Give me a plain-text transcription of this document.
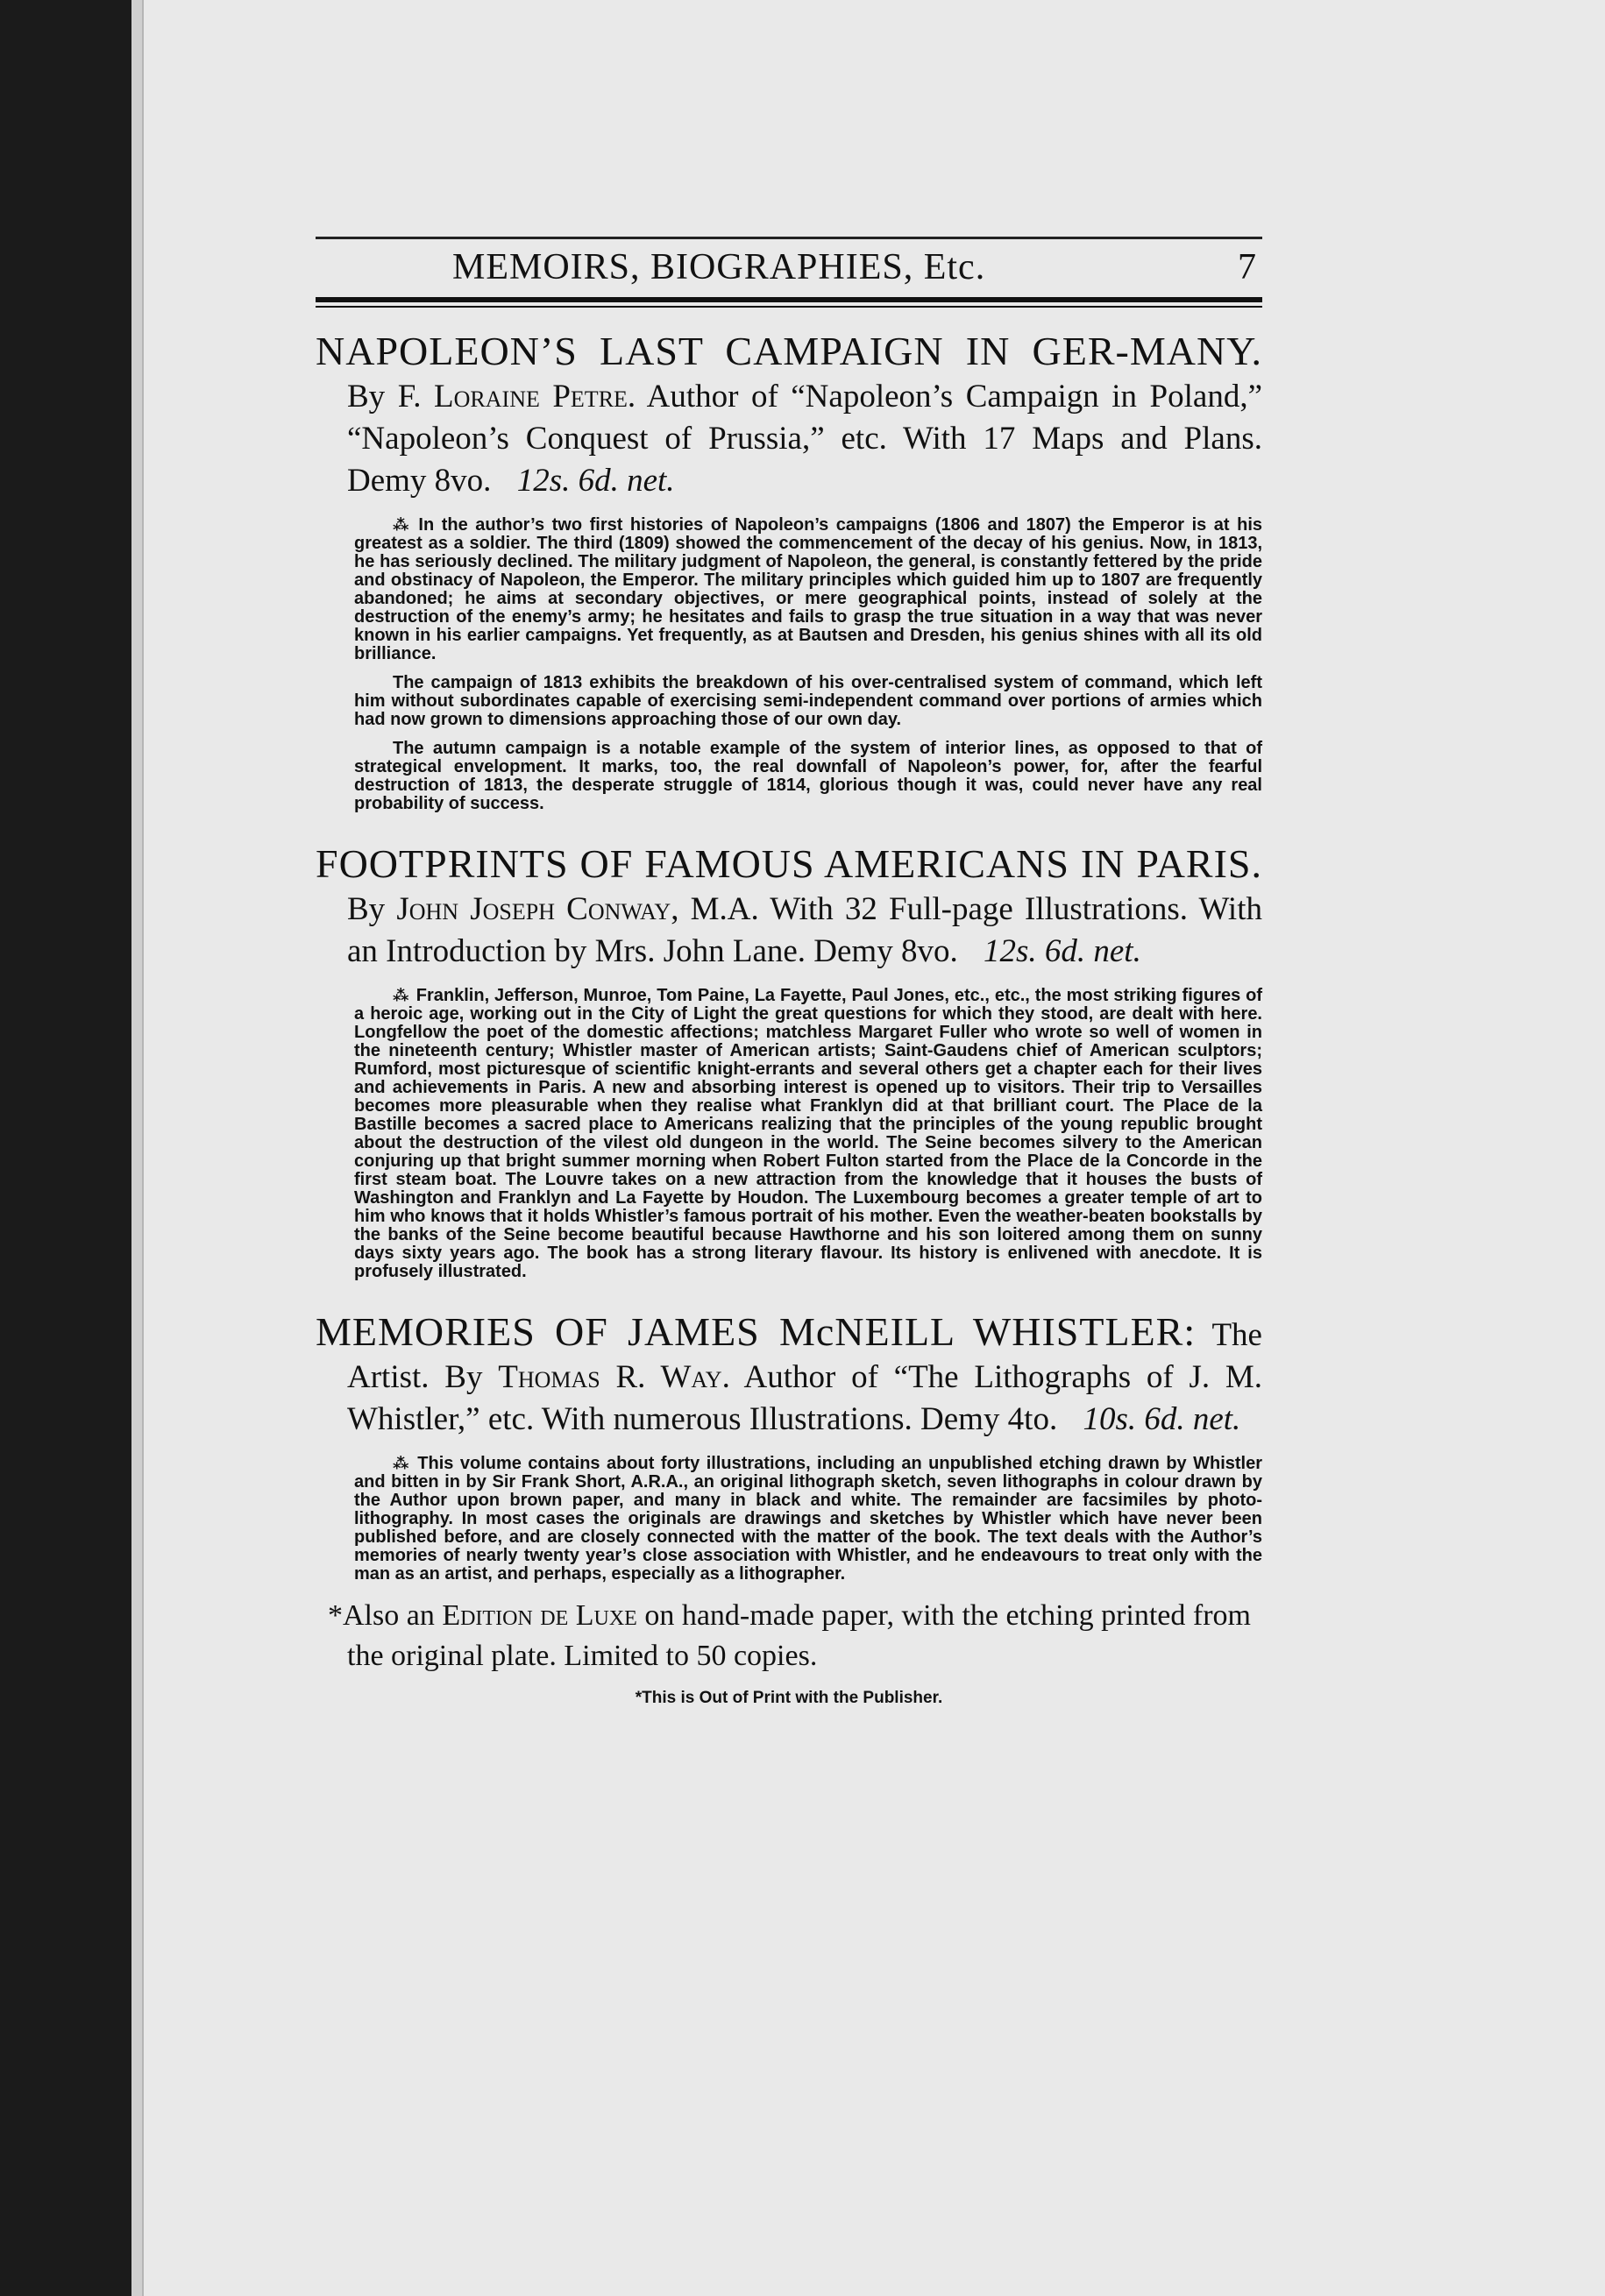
MEMOIRS, BIOGRAPHIES, Etc.	7
NAPOLEON’S LAST CAMPAIGN IN GER-MANY. By F. Loraine Petre. Author of “Napoleon’s Campaign in Poland,” “Napoleon’s Conquest of Prussia,” etc. With 17 Maps and Plans. Demy 8vo. 12s. 6d. net.

⁂ In the author’s two first histories of Napoleon’s campaigns (1806 and 1807) the Emperor is at his greatest as a soldier. The third (1809) showed the commencement of the decay of his genius. Now, in 1813, he has seriously declined. The military judgment of Napoleon, the general, is constantly fettered by the pride and obstinacy of Napoleon, the Emperor. The military principles which guided him up to 1807 are frequently abandoned; he aims at secondary objectives, or mere geographical points, instead of solely at the destruction of the enemy’s army; he hesitates and fails to grasp the true situation in a way that was never known in his earlier campaigns. Yet frequently, as at Bautsen and Dresden, his genius shines with all its old brilliance.

The campaign of 1813 exhibits the breakdown of his over-centralised system of command, which left him without subordinates capable of exercising semi-independent command over portions of armies which had now grown to dimensions approaching those of our own day.

The autumn campaign is a notable example of the system of interior lines, as opposed to that of strategical envelopment. It marks, too, the real downfall of Napoleon’s power, for, after the fearful destruction of 1813, the desperate struggle of 1814, glorious though it was, could never have any real probability of success.

FOOTPRINTS OF FAMOUS AMERICANS IN PARIS. By John Joseph Conway, M.A. With 32 Full-page Illustrations. With an Introduction by Mrs. John Lane. Demy 8vo. 12s. 6d. net.

⁂ Franklin, Jefferson, Munroe, Tom Paine, La Fayette, Paul Jones, etc., etc., the most striking figures of a heroic age, working out in the City of Light the great questions for which they stood, are dealt with here. Longfellow the poet of the domestic affections; matchless Margaret Fuller who wrote so well of women in the nineteenth century; Whistler master of American artists; Saint-Gaudens chief of American sculptors; Rumford, most picturesque of scientific knight-errants and several others get a chapter each for their lives and achievements in Paris. A new and absorbing interest is opened up to visitors. Their trip to Versailles becomes more pleasurable when they realise what Franklyn did at that brilliant court. The Place de la Bastille becomes a sacred place to Americans realizing that the principles of the young republic brought about the destruction of the vilest old dungeon in the world. The Seine becomes silvery to the American conjuring up that bright summer morning when Robert Fulton started from the Place de la Concorde in the first steam boat. The Louvre takes on a new attraction from the knowledge that it houses the busts of Washington and Franklyn and La Fayette by Houdon. The Luxembourg becomes a greater temple of art to him who knows that it holds Whistler’s famous portrait of his mother. Even the weather-beaten bookstalls by the banks of the Seine become beautiful because Hawthorne and his son loitered among them on sunny days sixty years ago. The book has a strong literary flavour. Its history is enlivened with anecdote. It is profusely illustrated.

MEMORIES OF JAMES McNEILL WHISTLER: The Artist. By Thomas R. Way. Author of “The Lithographs of J. M. Whistler,” etc. With numerous Illustrations. Demy 4to. 10s. 6d. net.

⁂ This volume contains about forty illustrations, including an unpublished etching drawn by Whistler and bitten in by Sir Frank Short, A.R.A., an original lithograph sketch, seven lithographs in colour drawn by the Author upon brown paper, and many in black and white. The remainder are facsimiles by photo-lithography. In most cases the originals are drawings and sketches by Whistler which have never been published before, and are closely connected with the matter of the book. The text deals with the Author’s memories of nearly twenty year’s close association with Whistler, and he endeavours to treat only with the man as an artist, and perhaps, especially as a lithographer.

*Also an Edition de Luxe on hand-made paper, with the etching printed from the original plate. Limited to 50 copies.
*This is Out of Print with the Publisher.
